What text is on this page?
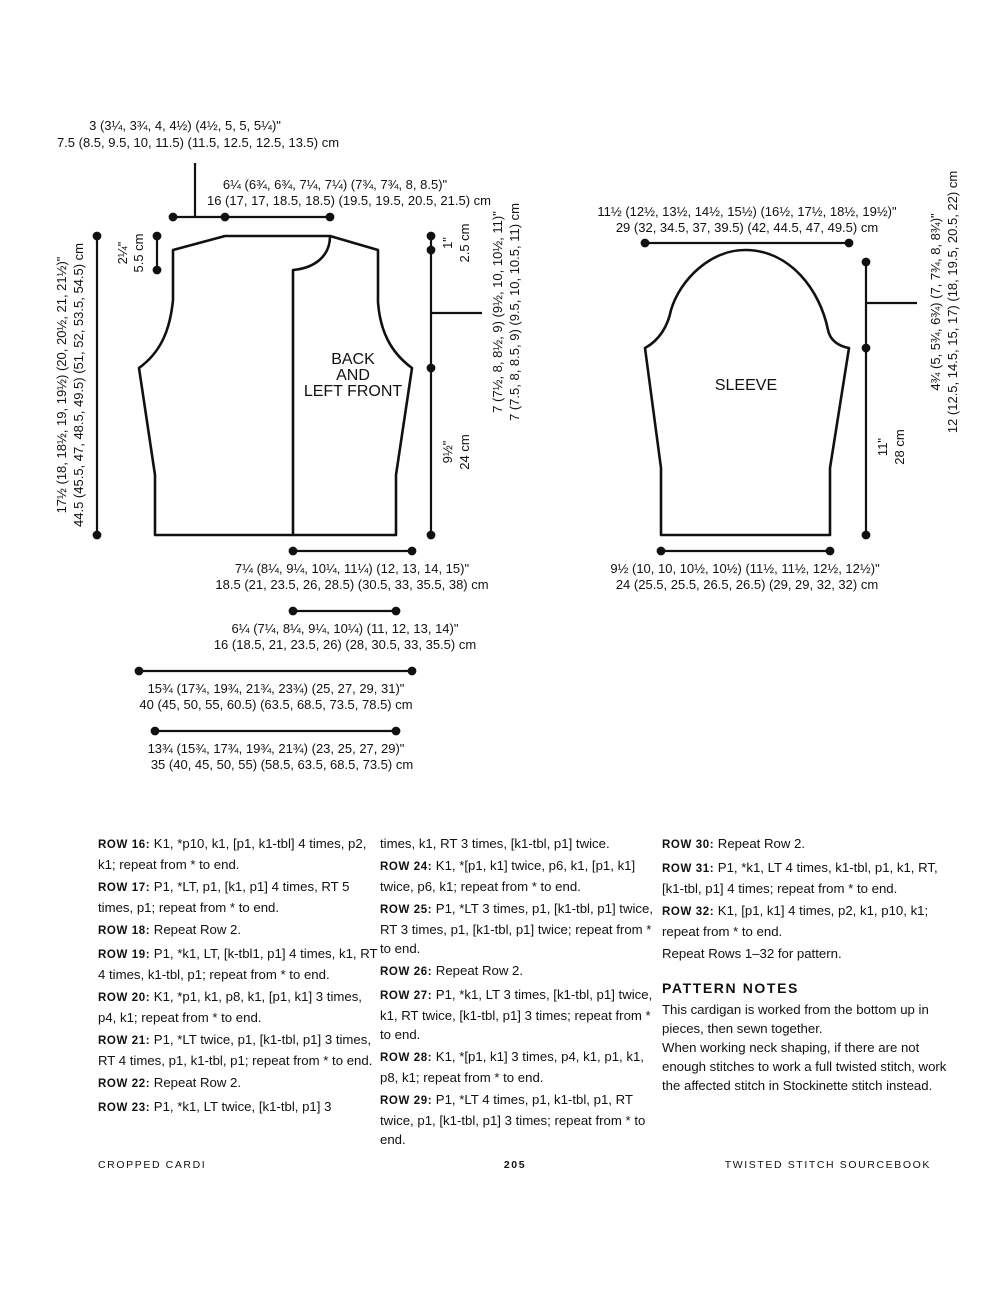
3 (3¼, 3¾, 4, 4½) (4½, 5, 5, 5¼)"
7.5 (8.5, 9.5, 10, 11.5) (11.5, 12.5, 12.5, 13.5) cm
6¼ (6¾, 6¾, 7¼, 7¼) (7¾, 7¾, 8, 8.5)"
16 (17, 17, 18.5, 18.5) (19.5, 19.5, 20.5, 21.5) cm
2¼" 5.5 cm
17½ (18, 18½, 19, 19½) (20, 20½, 21, 21½)" 44.5 (45.5, 47, 48.5, 49.5) (51, 52, 53.5, 54.5) cm	1" 2.5 cm 7 (7½, 8, 8½, 9) (9½, 10, 10½, 11)" 7 (7.5, 8, 8.5, 9) (9.5, 10, 10.5, 11) cm
9½" 24 cm
7¼ (8¼, 9¼, 10¼, 11¼) (12, 13, 14, 15)"
18.5 (21, 23.5, 26, 28.5) (30.5, 33, 35.5, 38) cm
6¼ (7¼, 8¼, 9¼, 10¼) (11, 12, 13, 14)"
16 (18.5, 21, 23.5, 26) (28, 30.5, 33, 35.5) cm
15¾ (17¾, 19¾, 21¾, 23¾) (25, 27, 29, 31)"
40 (45, 50, 55, 60.5) (63.5, 68.5, 73.5, 78.5) cm
13¾ (15¾, 17¾, 19¾, 21¾) (23, 25, 27, 29)"
35 (40, 45, 50, 55) (58.5, 63.5, 68.5, 73.5) cm
11½ (12½, 13½, 14½, 15½) (16½, 17½, 18½, 19½)"
29 (32, 34.5, 37, 39.5) (42, 44.5, 47, 49.5) cm	4¾ (5, 5¾, 6¾) (7, 7¾, 8, 8¾)" 12 (12.5, 14.5, 15, 17) (18, 19.5, 20.5, 22) cm
11" 28 cm
9½ (10, 10, 10½, 10½) (11½, 11½, 12½, 12½)"
24 (25.5, 25.5, 26.5, 26.5) (29, 29, 32, 32) cm
BACK
AND
LEFT FRONT	SLEEVE

ROW 16: K1, *p10, k1, [p1, k1-tbl] 4 times, p2, k1; repeat from * to end.

ROW 17: P1, *LT, p1, [k1, p1] 4 times, RT 5 times, p1; repeat from * to end.

ROW 18: Repeat Row 2.

ROW 19: P1, *k1, LT, [k-tbl1, p1] 4 times, k1, RT 4 times, k1-tbl, p1; repeat from * to end.

ROW 20: K1, *p1, k1, p8, k1, [p1, k1] 3 times, p4, k1; repeat from * to end.

ROW 21: P1, *LT twice, p1, [k1-tbl, p1] 3 times, RT 4 times, p1, k1-tbl, p1; repeat from * to end.

ROW 22: Repeat Row 2.

ROW 23: P1, *k1, LT twice, [k1-tbl, p1] 3

times, k1, RT 3 times, [k1-tbl, p1] twice.

ROW 24: K1, *[p1, k1] twice, p6, k1, [p1, k1] twice, p6, k1; repeat from * to end.

ROW 25: P1, *LT 3 times, p1, [k1-tbl, p1] twice, RT 3 times, p1, [k1-tbl, p1] twice; repeat from * to end.

ROW 26: Repeat Row 2.

ROW 27: P1, *k1, LT 3 times, [k1-tbl, p1] twice, k1, RT twice, [k1-tbl, p1] 3 times; repeat from * to end.

ROW 28: K1, *[p1, k1] 3 times, p4, k1, p1, k1, p8, k1; repeat from * to end.

ROW 29: P1, *LT 4 times, p1, k1-tbl, p1, RT twice, p1, [k1-tbl, p1] 3 times; repeat from * to end.

ROW 30: Repeat Row 2.

ROW 31: P1, *k1, LT 4 times, k1-tbl, p1, k1, RT, [k1-tbl, p1] 4 times; repeat from * to end.

ROW 32: K1, [p1, k1] 4 times, p2, k1, p10, k1; repeat from * to end.

Repeat Rows 1–32 for pattern.

PATTERN NOTES

This cardigan is worked from the bottom up in pieces, then sewn together.

When working neck shaping, if there are not enough stitches to work a full twisted stitch, work the affected stitch in Stockinette stitch instead.

CROPPED CARDI	205	TWISTED STITCH SOURCEBOOK
